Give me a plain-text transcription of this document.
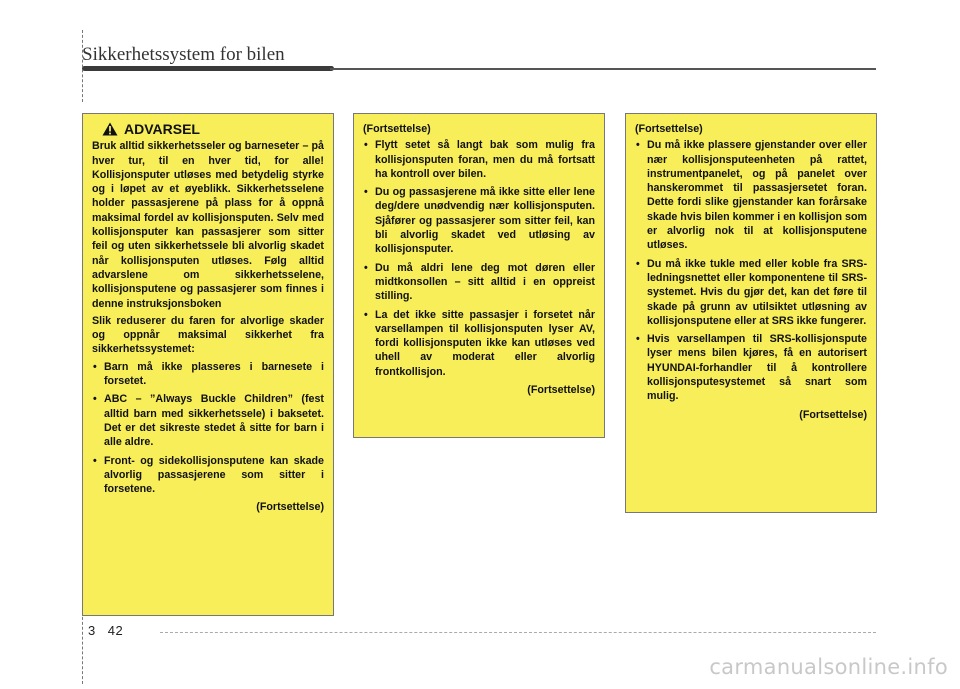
Sikkerhetssystem for bilen
3 42
ADVARSEL

Bruk alltid sikkerhetsseler og barneseter – på hver tur, til en hver tid, for alle! Kollisjonsputer utløses med betydelig styrke og i løpet av et øyeblikk. Sikkerhetsselene holder passasjerene på plass for å oppnå maksimal fordel av kollisjonsputen. Selv med kollisjonsputer kan passasjerer som sitter feil og uten sikkerhetssele bli alvorlig skadet når kollisjonsputen utløses. Følg alltid advarslene om sikkerhetsselene, kollisjonsputene og passasjerer som finnes i denne instruksjonsboken

Slik reduserer du faren for alvorlige skader og oppnår maksimal sikkerhet fra sikkerhetssystemet:

• Barn må ikke plasseres i barnesete i forsetet.
• ABC – ”Always Buckle Children” (fest alltid barn med sikkerhetssele) i baksetet. Det er det sikreste stedet å sitte for barn i alle aldre.
• Front- og sidekollisjonsputene kan skade alvorlig passasjerene som sitter i forsetene.
(Fortsettelse)
(Fortsettelse)
• Flytt setet så langt bak som mulig fra kollisjonsputen foran, men du må fortsatt ha kontroll over bilen.
• Du og passasjerene må ikke sitte eller lene deg/dere unødvendig nær kollisjonsputen. Sjåfører og passasjerer som sitter feil, kan bli alvorlig skadet ved utløsing av kollisjonsputer.
• Du må aldri lene deg mot døren eller midtkonsollen – sitt alltid i en oppreist stilling.
• La det ikke sitte passasjer i forsetet når varsellampen til kollisjonsputen lyser AV, fordi kollisjonsputen ikke kan utløses ved uhell av moderat eller alvorlig frontkollisjon.
(Fortsettelse)
(Fortsettelse)
• Du må ikke plassere gjenstander over eller nær kollisjonsputeenheten på rattet, instrumentpanelet, og på panelet over hanskerommet til passasjersetet foran. Dette fordi slike gjenstander kan forårsake skade hvis bilen kommer i en kollisjon som er alvorlig nok til at kollisjonsputene utløses.
• Du må ikke tukle med eller koble fra SRS-ledningsnettet eller komponentene til SRS-systemet. Hvis du gjør det, kan det føre til skade på grunn av utilsiktet utløsning av kollisjonsputene eller at SRS ikke fungerer.
• Hvis varsellampen til SRS-kollisjonspute lyser mens bilen kjøres, få en autorisert HYUNDAI-forhandler til å kontrollere kollisjonsputesystemet så snart som mulig.
(Fortsettelse)
carmanualsonline.info
